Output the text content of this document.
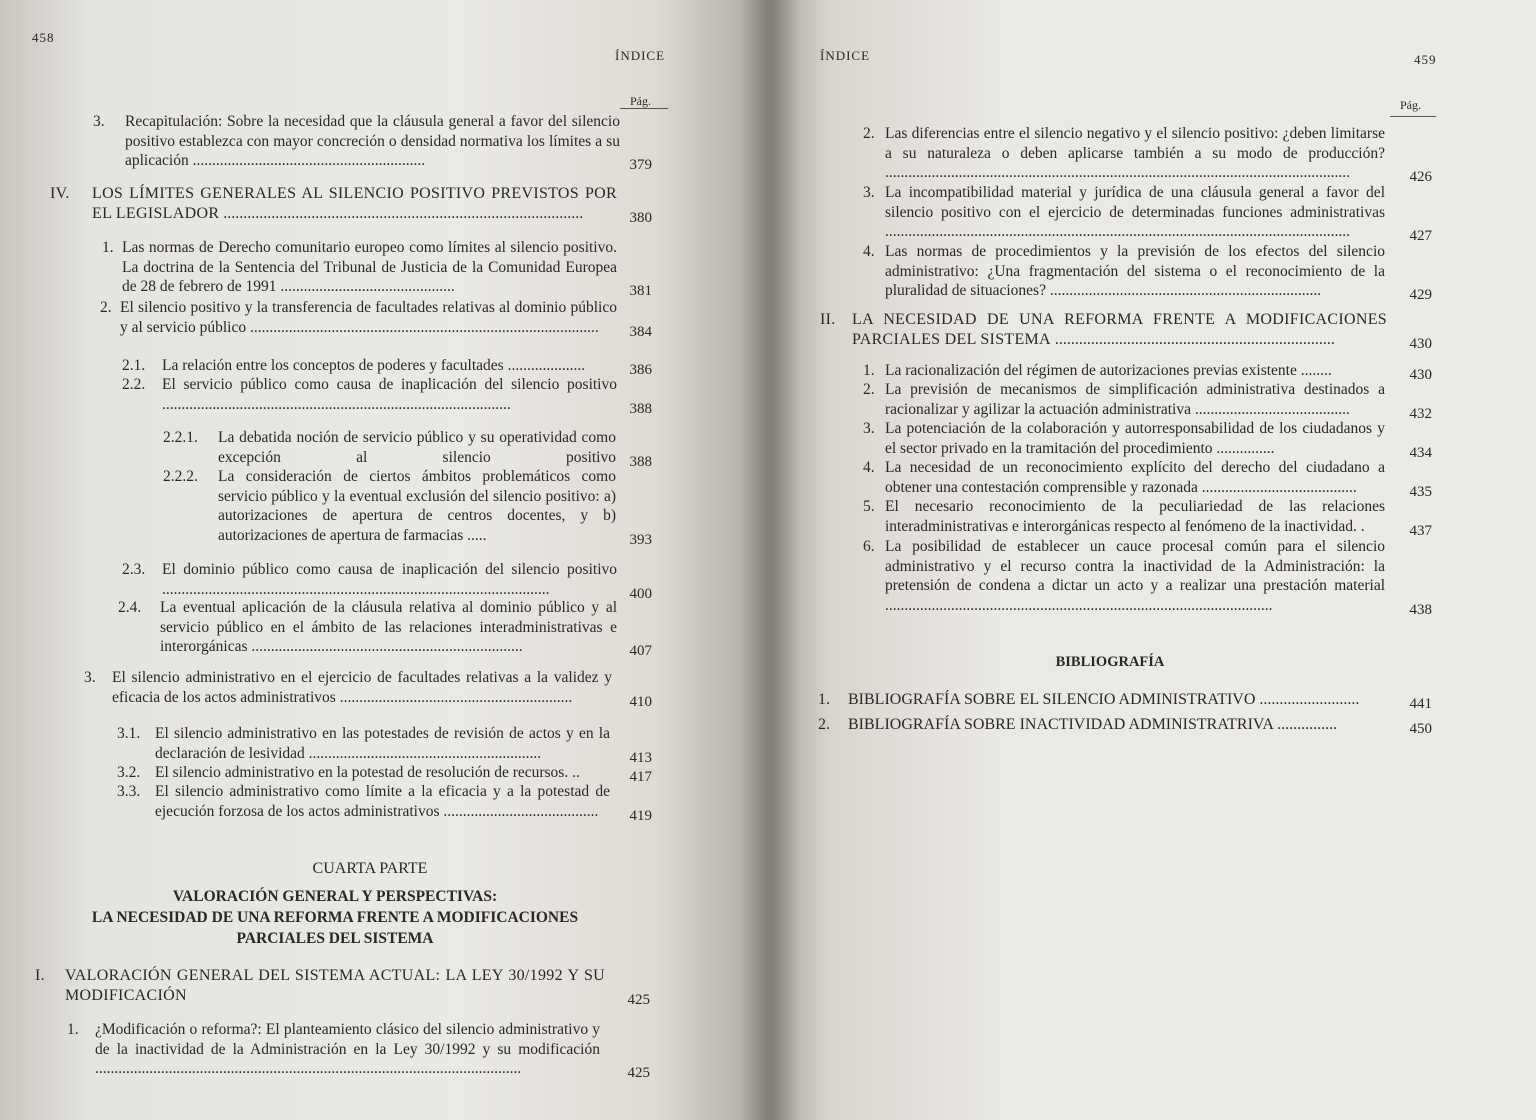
458
ÍNDICE
Pág.
3. Recapitulación: Sobre la necesidad que la cláusula general a favor del silencio positivo establezca con mayor concreción o densidad normativa los límites a su aplicación ............................................................	379
IV. LOS LÍMITES GENERALES AL SILENCIO POSITIVO PREVISTOS POR EL LEGISLADOR ..........................................................................................	380
1. Las normas de Derecho comunitario europeo como límites al silencio positivo. La doctrina de la Sentencia del Tribunal de Justicia de la Comunidad Europea de 28 de febrero de 1991 .............................................	381
2. El silencio positivo y la transferencia de facultades relativas al dominio público y al servicio público ..........................................................................................	384
2.1. La relación entre los conceptos de poderes y facultades ....................	386
2.2. El servicio público como causa de inaplicación del silencio positivo ..........................................................................................	388
2.2.1. La debatida noción de servicio público y su operatividad como excepción al silencio positivo 388
2.2.2. La consideración de ciertos ámbitos problemáticos como servicio público y la eventual exclusión del silencio positivo: a) autorizaciones de apertura de centros docentes, y b) autorizaciones de apertura de farmacias .....	393
2.3. El dominio público como causa de inaplicación del silencio positivo ....................................................................................................	400
2.4. La eventual aplicación de la cláusula relativa al dominio público y al servicio público en el ámbito de las relaciones interadministrativas e interorgánicas ......................................................................	407
3. El silencio administrativo en el ejercicio de facultades relativas a la validez y eficacia de los actos administrativos ............................................................	410
3.1. El silencio administrativo en las potestades de revisión de actos y en la declaración de lesividad ............................................................	413
3.2. El silencio administrativo en la potestad de resolución de recursos. ..	417
3.3. El silencio administrativo como límite a la eficacia y a la potestad de ejecución forzosa de los actos administrativos ........................................	419
CUARTA PARTE
VALORACIÓN GENERAL Y PERSPECTIVAS:
LA NECESIDAD DE UNA REFORMA FRENTE A MODIFICACIONES
PARCIALES DEL SISTEMA
I. VALORACIÓN GENERAL DEL SISTEMA ACTUAL: LA LEY 30/1992 Y SU MODIFICACIÓN	425
1. ¿Modificación o reforma?: El planteamiento clásico del silencio administrativo y de la inactividad de la Administración en la Ley 30/1992 y su modificación ..............................................................................................................	425
ÍNDICE	459
Pág.
2. Las diferencias entre el silencio negativo y el silencio positivo: ¿deben limitarse a su naturaleza o deben aplicarse también a su modo de producción? ........................................................................................................................	426
3. La incompatibilidad material y jurídica de una cláusula general a favor del silencio positivo con el ejercicio de determinadas funciones administrativas ........................................................................................................................	427
4. Las normas de procedimientos y la previsión de los efectos del silencio administrativo: ¿Una fragmentación del sistema o el reconocimiento de la pluralidad de situaciones? ......................................................................	429
II. LA NECESIDAD DE UNA REFORMA FRENTE A MODIFICACIONES PARCIALES DEL SISTEMA ......................................................................	430
1. La racionalización del régimen de autorizaciones previas existente ........	430
2. La previsión de mecanismos de simplificación administrativa destinados a racionalizar y agilizar la actuación administrativa ........................................	432
3. La potenciación de la colaboración y autorresponsabilidad de los ciudadanos y el sector privado en la tramitación del procedimiento ...............	434
4. La necesidad de un reconocimiento explícito del derecho del ciudadano a obtener una contestación comprensible y razonada ........................................	435
5. El necesario reconocimiento de la peculiariedad de las relaciones interadministrativas e interorgánicas respecto al fenómeno de la inactividad. .	437
6. La posibilidad de establecer un cauce procesal común para el silencio administrativo y el recurso contra la inactividad de la Administración: la pretensión de condena a dictar un acto y a realizar una prestación material ....................................................................................................	438
BIBLIOGRAFÍA
1. BIBLIOGRAFÍA SOBRE EL SILENCIO ADMINISTRATIVO .........................	441
2. BIBLIOGRAFÍA SOBRE INACTIVIDAD ADMINISTRATRIVA ...............	450
